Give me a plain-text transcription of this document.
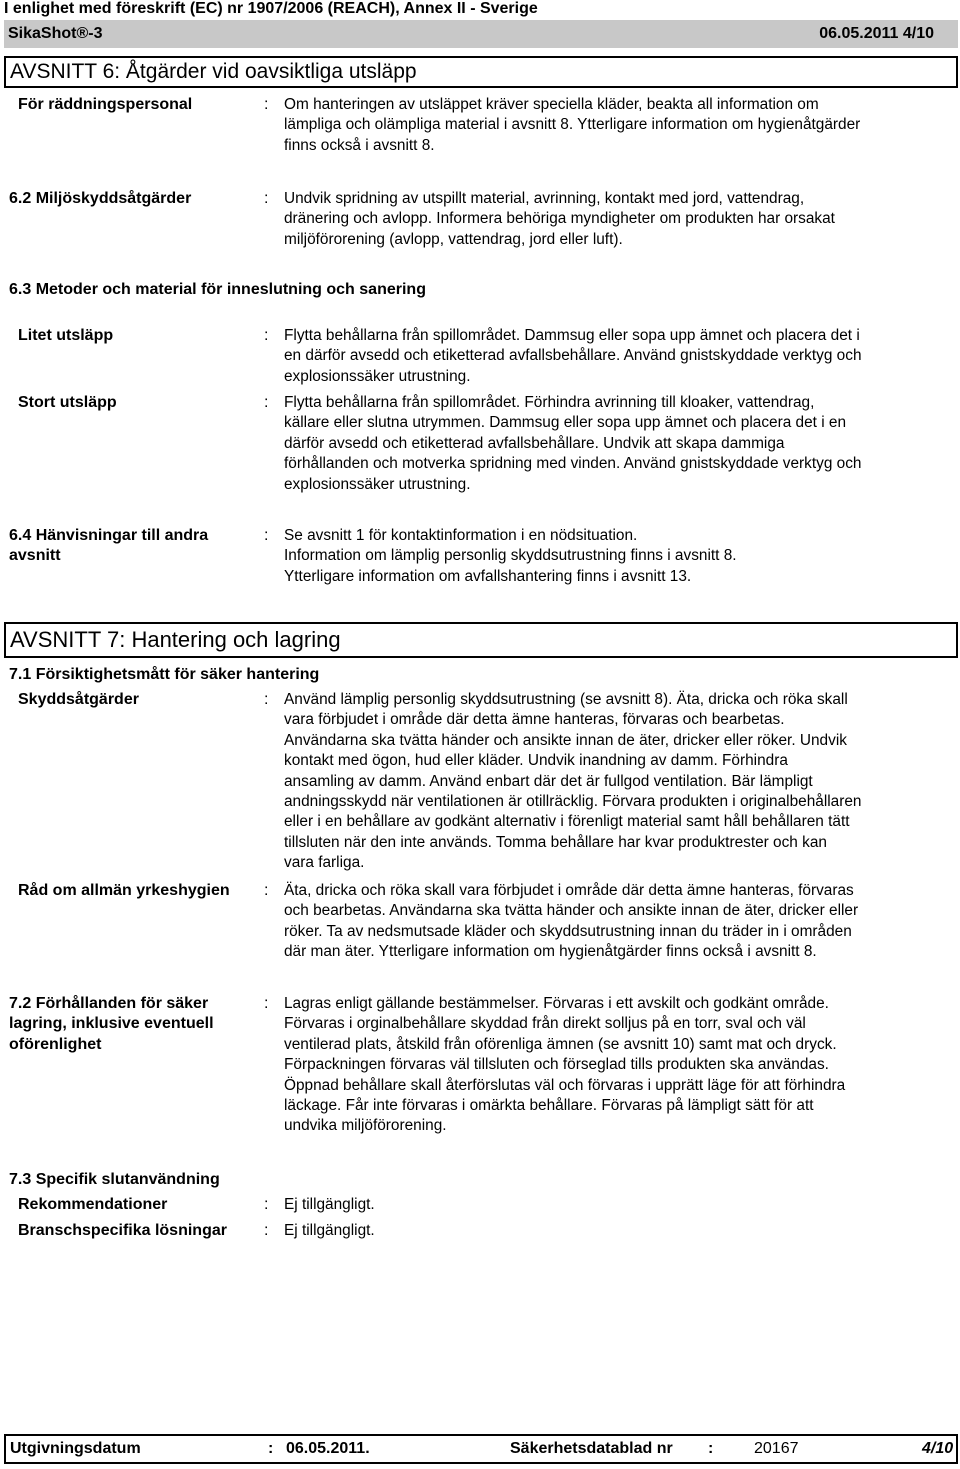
I enlighet med föreskrift (EC) nr 1907/2006 (REACH), Annex II - Sverige
SikaShot®-3	06.05.2011 4/10
AVSNITT 6: Åtgärder vid oavsiktliga utsläpp
För räddningspersonal	: Om hanteringen av utsläppet kräver speciella kläder, beakta all information om
lämpliga och olämpliga material i avsnitt 8. Ytterligare information om hygienåtgärder
finns också i avsnitt 8.
6.2 Miljöskyddsåtgärder	: Undvik spridning av utspillt material, avrinning, kontakt med jord, vattendrag,
dränering och avlopp. Informera behöriga myndigheter om produkten har orsakat
miljöförorening (avlopp, vattendrag, jord eller luft).
6.3 Metoder och material för inneslutning och sanering
Litet utsläpp	: Flytta behållarna från spillområdet. Dammsug eller sopa upp ämnet och placera det i
en därför avsedd och etiketterad avfallsbehållare. Använd gnistskyddade verktyg och
explosionssäker utrustning.
Stort utsläpp	: Flytta behållarna från spillområdet. Förhindra avrinning till kloaker, vattendrag,
källare eller slutna utrymmen. Dammsug eller sopa upp ämnet och placera det i en
därför avsedd och etiketterad avfallsbehållare. Undvik att skapa dammiga
förhållanden och motverka spridning med vinden. Använd gnistskyddade verktyg och
explosionssäker utrustning.
6.4 Hänvisningar till andra
avsnitt
: Se avsnitt 1 för kontaktinformation i en nödsituation.
Information om lämplig personlig skyddsutrustning finns i avsnitt 8.
Ytterligare information om avfallshantering finns i avsnitt 13.
AVSNITT 7: Hantering och lagring
7.1 Försiktighetsmått för säker hantering
Skyddsåtgärder	: Använd lämplig personlig skyddsutrustning (se avsnitt 8). Äta, dricka och röka skall
vara förbjudet i område där detta ämne hanteras, förvaras och bearbetas.
Användarna ska tvätta händer och ansikte innan de äter, dricker eller röker. Undvik
kontakt med ögon, hud eller kläder. Undvik inandning av damm. Förhindra
ansamling av damm. Använd enbart där det är fullgod ventilation. Bär lämpligt
andningsskydd när ventilationen är otillräcklig. Förvara produkten i originalbehållaren
eller i en behållare av godkänt alternativ i förenligt material samt håll behållaren tätt
tillsluten när den inte används. Tomma behållare har kvar produktrester och kan
vara farliga.
Råd om allmän yrkeshygien : Äta, dricka och röka skall vara förbjudet i område där detta ämne hanteras, förvaras
och bearbetas. Användarna ska tvätta händer och ansikte innan de äter, dricker eller
röker. Ta av nedsmutsade kläder och skyddsutrustning innan du träder in i områden
där man äter. Ytterligare information om hygienåtgärder finns också i avsnitt 8.
7.2 Förhållanden för säker
lagring, inklusive eventuell
oförenlighet
: Lagras enligt gällande bestämmelser. Förvaras i ett avskilt och godkänt område.
Förvaras i orginalbehållare skyddad från direkt solljus på en torr, sval och väl
ventilerad plats, åtskild från oförenliga ämnen (se avsnitt 10) samt mat och dryck.
Förpackningen förvaras väl tillsluten och förseglad tills produkten ska användas.
Öppnad behållare skall återförslutas väl och förvaras i upprätt läge för att förhindra
läckage. Får inte förvaras i omärkta behållare. Förvaras på lämpligt sätt för att
undvika miljöförorening.
7.3 Specifik slutanvändning
Rekommendationer	: Ej tillgängligt.
Branschspecifika lösningar : Ej tillgängligt.
Utgivningsdatum	: 06.05.2011.	Säkerhetsdatablad nr :	20167	4/10
